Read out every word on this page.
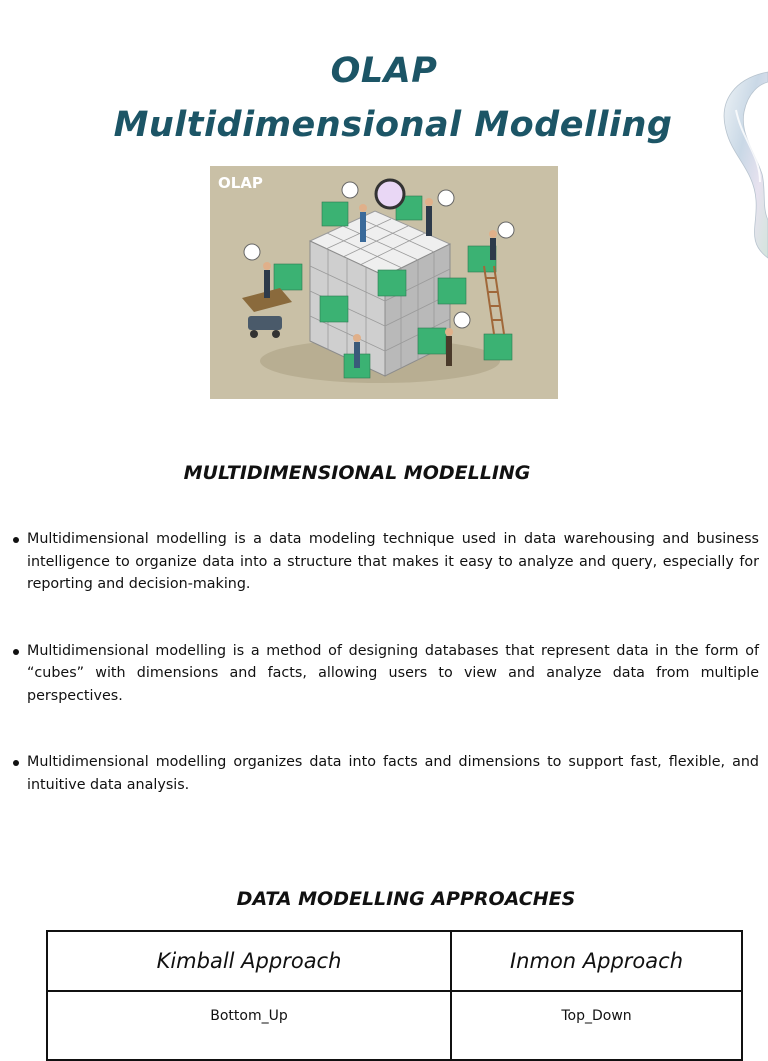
OLAP

Multidimensional Modelling

OLAP
MULTIDIMENSIONAL MODELLING
Multidimensional modelling is a data modeling technique used in data warehousing and business intelligence to organize data into a structure that makes it easy to analyze and query, especially for reporting and decision-making.
Multidimensional modelling is a method of designing databases that represent data in the form of “cubes” with dimensions and facts, allowing users to view and analyze data from multiple perspectives.
Multidimensional modelling organizes data into facts and dimensions to support fast, flexible, and intuitive data analysis.
DATA MODELLING APPROACHES
Kimball Approach	Inmon Approach
Bottom_Up	Top_Down
